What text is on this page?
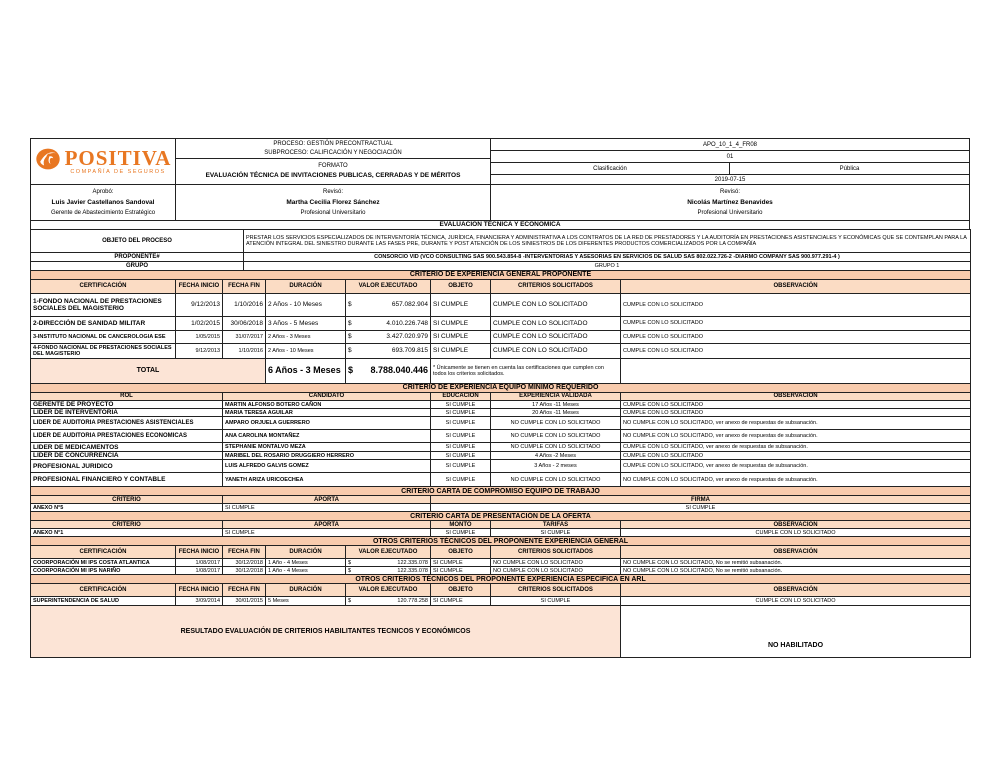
POSITIVA
COMPAÑÍA DE SEGUROS
PROCESO: GESTIÓN PRECONTRACTUAL
SUBPROCESO: CALIFICACIÓN Y NEGOCIACIÓN
FORMATO
EVALUACIÓN TÉCNICA DE INVITACIONES PUBLICAS, CERRADAS Y DE MÉRITOS
APO_10_1_4_FR08
01
Clasificación	Pública
2019-07-15
Aprobó:
Luis Javier Castellanos Sandoval
Gerente de Abastecimiento Estratégico
Revisó:
Martha Cecilia Florez Sánchez
Profesional Universitario
Revisó:
Nicolás Martínez Benavides
Profesional Universitario
EVALUACIÓN TÉCNICA Y ECONÓMICA
OBJETO DEL PROCESO	PRESTAR LOS SERVICIOS ESPECIALIZADOS DE INTERVENTORÍA TÉCNICA, JURÍDICA, FINANCIERA Y ADMINISTRATIVA A LOS CONTRATOS DE LA RED DE PRESTADORES Y LA AUDITORÍA EN PRESTACIONES ASISTENCIALES Y ECONÓMICAS QUE SE CONTEMPLAN PARA LA ATENCIÓN INTEGRAL DEL SINIESTRO DURANTE LAS FASES PRE, DURANTE Y POST ATENCIÓN DE LOS SINIESTROS DE LOS DIFERENTES PRODUCTOS COMERCIALIZADOS POR LA COMPAÑÍA
PROPONENTE#	CONSORCIO VID (VCO CONSULTING SAS 900.543.854-8 -INTERVENTORIAS Y ASESORIAS EN SERVICIOS DE SALUD SAS 802.022.726-2 -DIARMO COMPANY SAS 900.977.291-4 )
GRUPO	GRUPO 1
CRITERIO DE EXPERIENCIA GENERAL PROPONENTE							
CERTIFICACIÓN	FECHA INICIO	FECHA FIN	DURACIÓN	VALOR EJECUTADO	OBJETO	CRITERIOS SOLICITADOS	OBSERVACIÓN
1-FONDO NACIONAL DE PRESTACIONES SOCIALES DEL MAGISTERIO	9/12/2013	1/10/2016	2 Años - 10 Meses	$ 657.082.904	SI CUMPLE	CUMPLE CON LO SOLICITADO	CUMPLE CON LO SOLICITADO
2-DIRECCIÓN DE SANIDAD MILITAR	1/02/2015	30/06/2018	3 Años - 5 Meses	$ 4.010.226.748	SI CUMPLE	CUMPLE CON LO SOLICITADO	CUMPLE CON LO SOLICITADO
3-INSTITUTO NACIONAL DE CANCEROLOGIA ESE	1/05/2015	31/07/2017	2 Años - 3 Meses	$ 3.427.020.979	SI CUMPLE	CUMPLE CON LO SOLICITADO	CUMPLE CON LO SOLICITADO
4-FONDO NACIONAL DE PRESTACIONES SOCIALES DEL MAGISTERIO	9/12/2013	1/10/2016	2 Años - 10 Meses	$ 693.709.815	SI CUMPLE	CUMPLE CON LO SOLICITADO	CUMPLE CON LO SOLICITADO
TOTAL			6 Años - 3 Meses	$ 8.788.040.446	* Únicamente se tienen en cuenta las certificaciones que cumplen con todos los criterios solicitados.		
CRITERIO DE EXPERIENCIA EQUIPO MINIMO REQUERIDO				
ROL	CANDIDATO	EDUCACIÓN	EXPERIENCIA VALIDADA	OBSERVACIÓN
GERENTE DE PROYECTO	MARTIN ALFONSO BOTERO CAÑON	SI CUMPLE	17 Años -11 Meses	CUMPLE CON LO SOLICITADO
LIDER DE INTERVENTORIA	MARIA TERESA AGUILAR	SI CUMPLE	20 Años -11 Meses	CUMPLE CON LO SOLICITADO
LIDER DE AUDITORIA PRESTACIONES ASISTENCIALES	AMPARO ORJUELA GUERRERO	SI CUMPLE	NO CUMPLE CON LO SOLICITADO	NO CUMPLE CON LO SOLICITADO, ver anexo de respuestas de subsanación.
LIDER DE AUDITORIA PRESTACIONES ECONOMICAS	ANA CAROLINA MONTAÑEZ	SI CUMPLE	NO CUMPLE CON LO SOLICITADO	NO CUMPLE CON LO SOLICITADO, ver anexo de respuestas de subsanación.
LIDER DE MEDICAMENTOS	STEPHANIE MONTALVO MEZA	SI CUMPLE	NO CUMPLE CON LO SOLICITADO	CUMPLE CON LO SOLICITADO, ver anexo de respuestas de subsanación.
LIDER DE CONCURRENCIA	MARIBEL DEL ROSARIO DRUGGIERO HERRERO	SI CUMPLE	4 Años -2 Meses	CUMPLE CON LO SOLICITADO
PROFESIONAL JURIDICO	LUIS ALFREDO GALVIS GOMEZ	SI CUMPLE	3 Años - 2 meses	CUMPLE CON LO SOLICITADO, ver anexo de respuestas de subsanación.
PROFESIONAL FINANCIERO Y CONTABLE	YANETH ARIZA URICOECHEA	SI CUMPLE	NO CUMPLE CON LO SOLICITADO	NO CUMPLE CON LO SOLICITADO, ver anexo de respuestas de subsanación.
CRITERIO CARTA DE COMPROMISO EQUIPO DE TRABAJO		
CRITERIO	APORTA	FIRMA
ANEXO N°5	SI CUMPLE	SI CUMPLE
CRITERIO CARTA DE PRESENTACIÓN DE LA OFERTA				
CRITERIO	APORTA	MONTO	TARIFAS	OBSERVACIÓN
ANEXO N°1	SI CUMPLE	SI CUMPLE	SI CUMPLE	CUMPLE CON LO SOLICITADO
OTROS CRITERIOS TÉCNICOS DEL PROPONENTE EXPERIENCIA GENERAL							
CERTIFICACIÓN	FECHA INICIO	FECHA FIN	DURACIÓN	VALOR EJECUTADO	OBJETO	CRITERIOS SOLICITADOS	OBSERVACIÓN
COORPORACIÓN MI IPS COSTA ATLANTICA	1/08/2017	30/12/2018	1 Año - 4 Meses	$ 122.335.078	SI CUMPLE	NO CUMPLE CON LO SOLICITADO	NO CUMPLE CON LO SOLICITADO, No se remitió subsanación.
COORPORACIÓN MI IPS NARIÑO	1/08/2017	30/12/2018	1 Año - 4 Meses	$ 122.335.078	SI CUMPLE	NO CUMPLE CON LO SOLICITADO	NO CUMPLE CON LO SOLICITADO, No se remitió subsanación.
OTROS CRITERIOS TÉCNICOS DEL PROPONENTE EXPERIENCIA ESPECIFICA EN ARL							
CERTIFICACIÓN	FECHA INICIO	FECHA FIN	DURACIÓN	VALOR EJECUTADO	OBJETO	CRITERIOS SOLICITADOS	OBSERVACIÓN
SUPERINTENDENCIA DE SALUD	3/09/2014	30/01/2015	5 Meses	$ 120.778.258	SI CUMPLE	SI CUMPLE	CUMPLE CON LO SOLICITADO
RESULTADO EVALUACIÓN DE CRITERIOS HABILITANTES TECNICOS Y ECONÓMICOS	NO HABILITADO
